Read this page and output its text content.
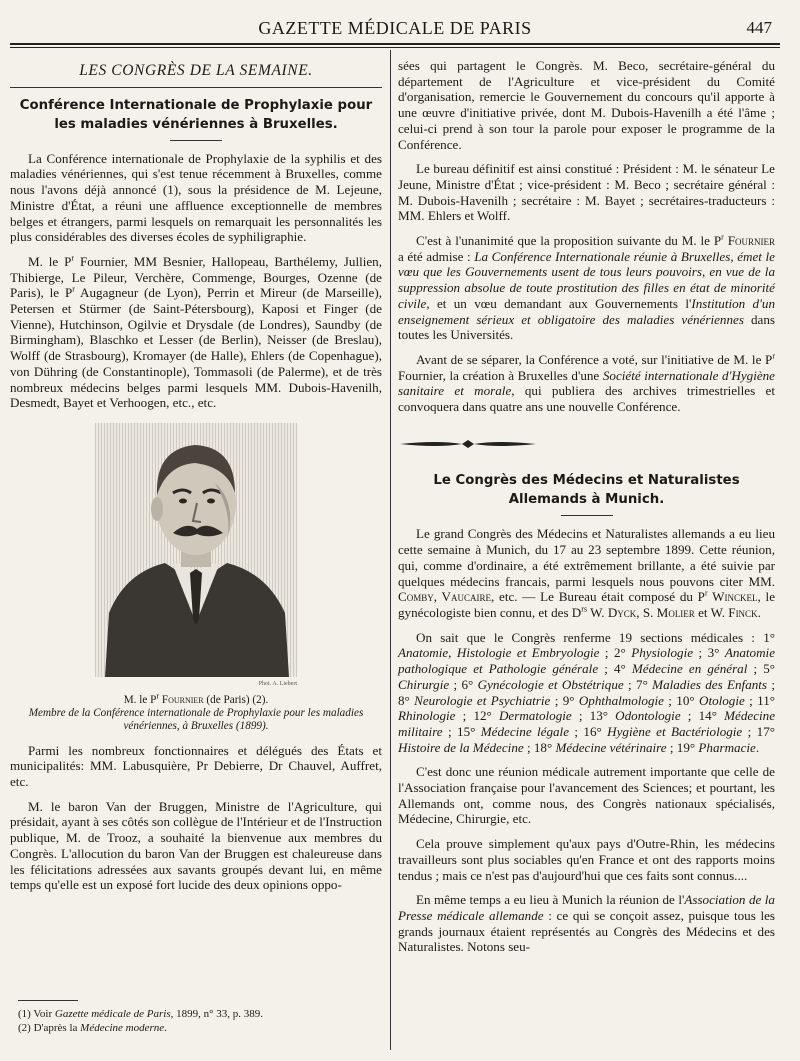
GAZETTE MÉDICALE DE PARIS	447
LES CONGRÈS DE LA SEMAINE.
Conférence Internationale de Prophylaxie pour les maladies vénériennes à Bruxelles.

La Conférence internationale de Prophylaxie de la syphilis et des maladies vénériennes, qui s'est tenue récemment à Bruxelles, comme nous l'avons déjà annoncé (1), sous la présidence de M. Lejeune, Ministre d'État, a réuni une affluence exceptionnelle de membres belges et étrangers, parmi lesquels on remarquait les personnalités les plus considérables des diverses écoles de syphiligraphie.

M. le $P^r$ Fournier, MM Besnier, Hallopeau, Barthélemy, Jullien, Thibierge, Le Pileur, Verchère, Commenge, Bourges, Ozenne (de Paris), le $P^r$ Augagneur (de Lyon), Perrin et Mireur (de Marseille), Petersen et Stürmer (de Saint-Pétersbourg), Kaposi et Finger (de Vienne), Hutchinson, Ogilvie et Drysdale (de Londres), Saundby (de Birmingham), Blaschko et Lesser (de Berlin), Neisser (de Breslau), Wolff (de Strasbourg), Kromayer (de Halle), Ehlers (de Copenhague), von Dühring (de Constantinople), Tommasoli (de Palerme), et de très nombreux médecins belges parmi lesquels MM. Dubois-Havenilh, Desmedt, Bayet et Verhoogen, etc., etc.

Phot. A. Liebert
M. le $P^r$ Fournier (de Paris) (2).
Membre de la Conférence internationale de Prophylaxie pour les maladies vénériennes, à Bruxelles (1899).

Parmi les nombreux fonctionnaires et délégués des États et municipalités: MM. Labusquière, Pr Debierre, Dr Chauvel, Auffret, etc.

M. le baron Van der Bruggen, Ministre de l'Agriculture, qui présidait, ayant à ses côtés son collègue de l'Intérieur et de l'Instruction publique, M. de Trooz, a souhaité la bienvenue aux membres du Congrès. L'allocution du baron Van der Bruggen est chaleureuse dans les félicitations adressées aux savants groupés devant lui, en même temps qu'elle est un exposé fort lucide des deux opinions oppo-

(1) Voir Gazette médicale de Paris, 1899, n° 33, p. 389.
(2) D'après la Médecine moderne.

sées qui partagent le Congrès. M. Beco, secrétaire-général du département de l'Agriculture et vice-président du Comité d'organisation, remercie le Gouvernement du concours qu'il apporte à une œuvre d'initiative privée, dont M. Dubois-Havenilh a été l'âme ; celui-ci prend à son tour la parole pour exposer le programme de la Conférence.

Le bureau définitif est ainsi constitué : Président : M. le sénateur Le Jeune, Ministre d'État ; vice-président : M. Beco ; secrétaire général : M. Dubois-Havenilh ; secrétaire : M. Bayet ; secrétaires-traducteurs : MM. Ehlers et Wolff.

C'est à l'unanimité que la proposition suivante du M. le $P^r$ Fournier a été admise : La Conférence Internationale réunie à Bruxelles, émet le vœu que les Gouvernements usent de tous leurs pouvoirs, en vue de la suppression absolue de toute prostitution des filles en état de minorité civile, et un vœu demandant aux Gouvernements l'Institution d'un enseignement sérieux et obligatoire des maladies vénériennes dans toutes les Universités.

Avant de se séparer, la Conférence a voté, sur l'initiative de M. le $P^r$ Fournier, la création à Bruxelles d'une Société internationale d'Hygiène sanitaire et morale, qui publiera des archives trimestrielles et convoquera dans quatre ans une nouvelle Conférence.

Le Congrès des Médecins et Naturalistes Allemands à Munich.

Le grand Congrès des Médecins et Naturalistes allemands a eu lieu cette semaine à Munich, du 17 au 23 septembre 1899. Cette réunion, qui, comme d'ordinaire, a été extrêmement brillante, a été suivie par quelques médecins francais, parmi lesquels nous pouvons citer MM. Comby, Vaucaire, etc. — Le Bureau était composé du $P^r$ Winckel, le gynécologiste bien connu, et des $D^{rs}$ W. Dyck, S. Molier et W. Finck.

On sait que le Congrès renferme 19 sections médicales : 1° Anatomie, Histologie et Embryologie ; 2° Physiologie ; 3° Anatomie pathologique et Pathologie générale ; 4° Médecine en général ; 5° Chirurgie ; 6° Gynécologie et Obstétrique ; 7° Maladies des Enfants ; 8° Neurologie et Psychiatrie ; 9° Ophthalmologie ; 10° Otologie ; 11° Rhinologie ; 12° Dermatologie ; 13° Odontologie ; 14° Médecine militaire ; 15° Médecine légale ; 16° Hygiène et Bactériologie ; 17° Histoire de la Médecine ; 18° Médecine vétérinaire ; 19° Pharmacie.

C'est donc une réunion médicale autrement importante que celle de l'Association française pour l'avancement des Sciences; et pourtant, les Allemands ont, comme nous, des Congrès nationaux spécialisés, Médecine, Chirurgie, etc.

Cela prouve simplement qu'aux pays d'Outre-Rhin, les médecins travailleurs sont plus sociables qu'en France et ont des rapports moins tendus ; mais ce n'est pas d'aujourd'hui que ces faits sont connus....

En même temps a eu lieu à Munich la réunion de l'Association de la Presse médicale allemande : ce qui se conçoit assez, puisque tous les grands journaux étaient représentés au Congrès des Médecins et des Naturalistes. Notons seu-
